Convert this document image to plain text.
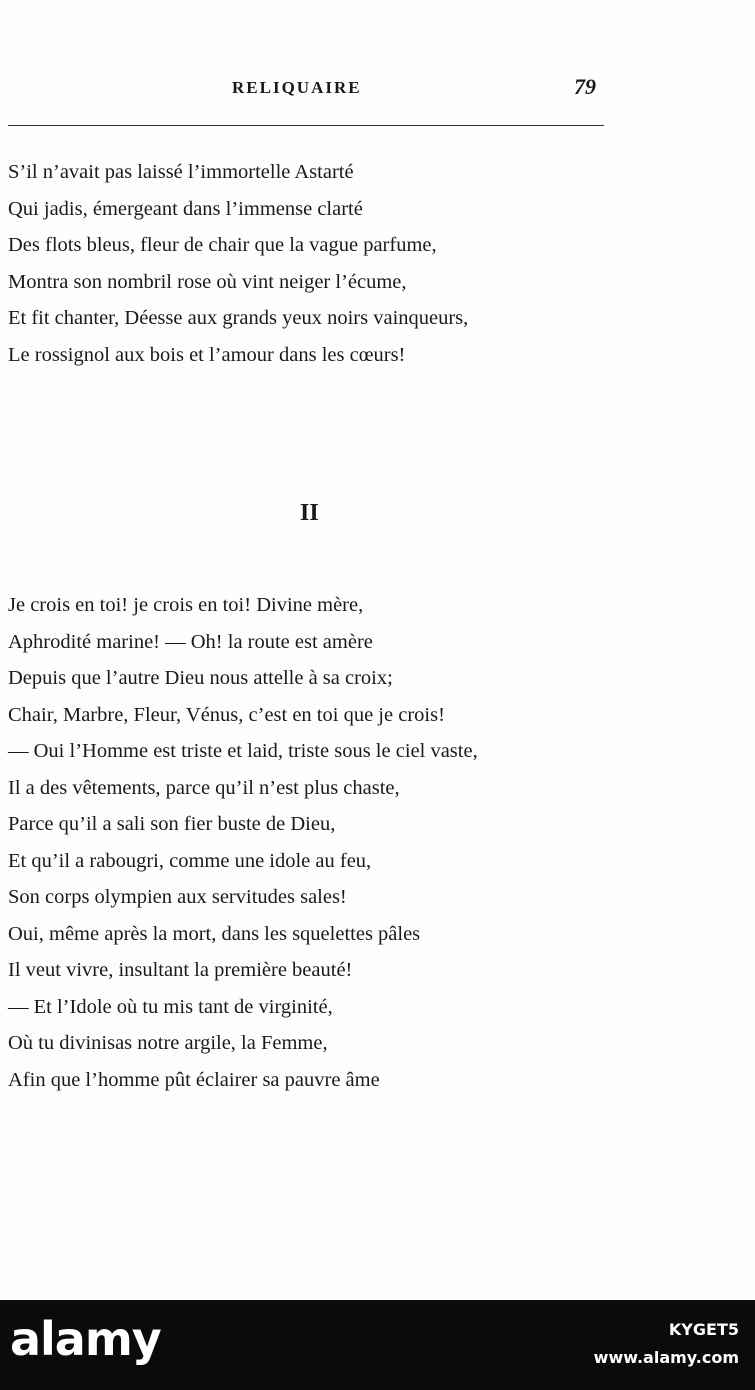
RELIQUAIRE	79
S’il n’avait pas laissé l’immortelle Astarté
Qui jadis, émergeant dans l’immense clarté
Des flots bleus, fleur de chair que la vague parfume,
Montra son nombril rose où vint neiger l’écume,
Et fit chanter, Déesse aux grands yeux noirs vainqueurs,
Le rossignol aux bois et l’amour dans les cœurs!
II
Je crois en toi! je crois en toi! Divine mère,
Aphrodité marine! — Oh! la route est amère
Depuis que l’autre Dieu nous attelle à sa croix;
Chair, Marbre, Fleur, Vénus, c’est en toi que je crois!
— Oui l’Homme est triste et laid, triste sous le ciel vaste,
Il a des vêtements, parce qu’il n’est plus chaste,
Parce qu’il a sali son fier buste de Dieu,
Et qu’il a rabougri, comme une idole au feu,
Son corps olympien aux servitudes sales!
Oui, même après la mort, dans les squelettes pâles
Il veut vivre, insultant la première beauté!
— Et l’Idole où tu mis tant de virginité,
Où tu divinisas notre argile, la Femme,
Afin que l’homme pût éclairer sa pauvre âme
alamy	KYGET5
www.alamy.com
